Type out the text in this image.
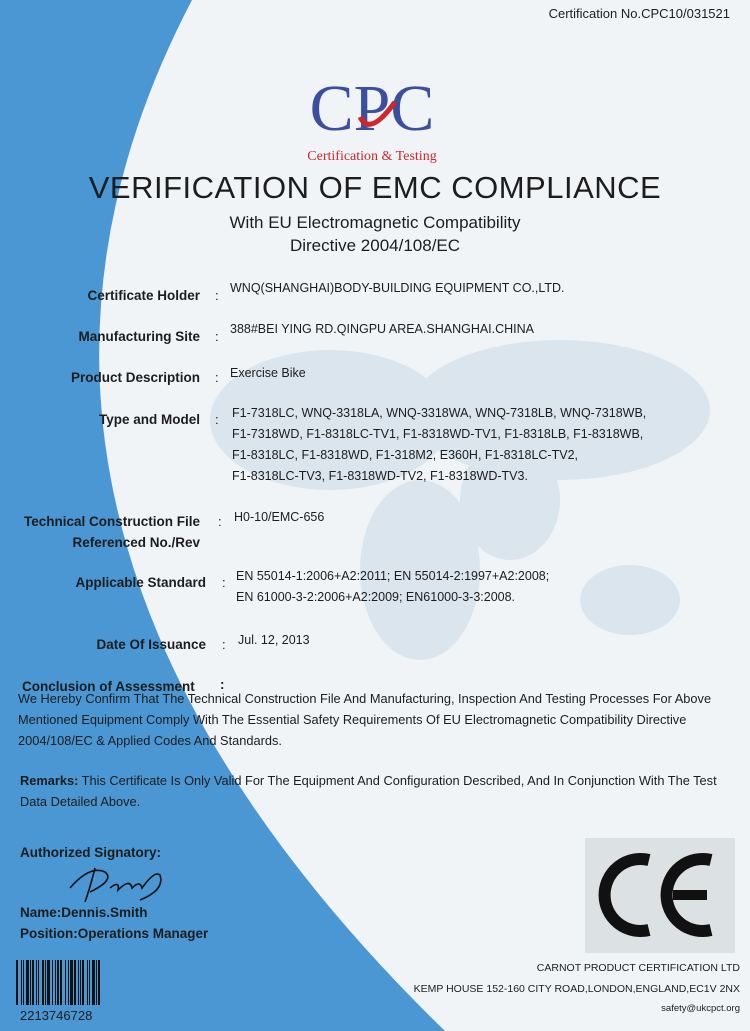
Certification No.CPC10/031521
CPC
Certification & Testing
VERIFICATION OF EMC COMPLIANCE
With EU Electromagnetic Compatibility
Directive 2004/108/EC
Certificate Holder : WNQ(SHANGHAI)BODY-BUILDING EQUIPMENT CO.,LTD.
Manufacturing Site : 388#BEI YING RD.QINGPU AREA.SHANGHAI.CHINA
Product Description : Exercise Bike
Type and Model : F1-7318LC, WNQ-3318LA, WNQ-3318WA, WNQ-7318LB, WNQ-7318WB,
F1-7318WD, F1-8318LC-TV1, F1-8318WD-TV1, F1-8318LB, F1-8318WB,
F1-8318LC, F1-8318WD, F1-318M2, E360H, F1-8318LC-TV2,
F1-8318LC-TV3, F1-8318WD-TV2, F1-8318WD-TV3.
Technical Construction File
Referenced No./Rev
: H0-10/EMC-656
Applicable Standard : EN 55014-1:2006+A2:2011; EN 55014-2:1997+A2:2008;
EN 61000-3-2:2006+A2:2009; EN61000-3-3:2008.
Date Of Issuance : Jul. 12, 2013
Conclusion of Assessment :
We Hereby Confirm That The Technical Construction File And Manufacturing, Inspection And Testing Processes For Above Mentioned Equipment Comply With The Essential Safety Requirements Of EU Electromagnetic Compatibility Directive 2004/108/EC & Applied Codes And Standards.
Remarks: This Certificate Is Only Valid For The Equipment And Configuration Described, And In Conjunction With The Test Data Detailed Above.
Authorized Signatory:
Name:Dennis.Smith
Position:Operations Manager
2213746728
CARNOT PRODUCT CERTIFICATION LTD
KEMP HOUSE 152-160 CITY ROAD,LONDON,ENGLAND,EC1V 2NX
safety@ukcpct.org
